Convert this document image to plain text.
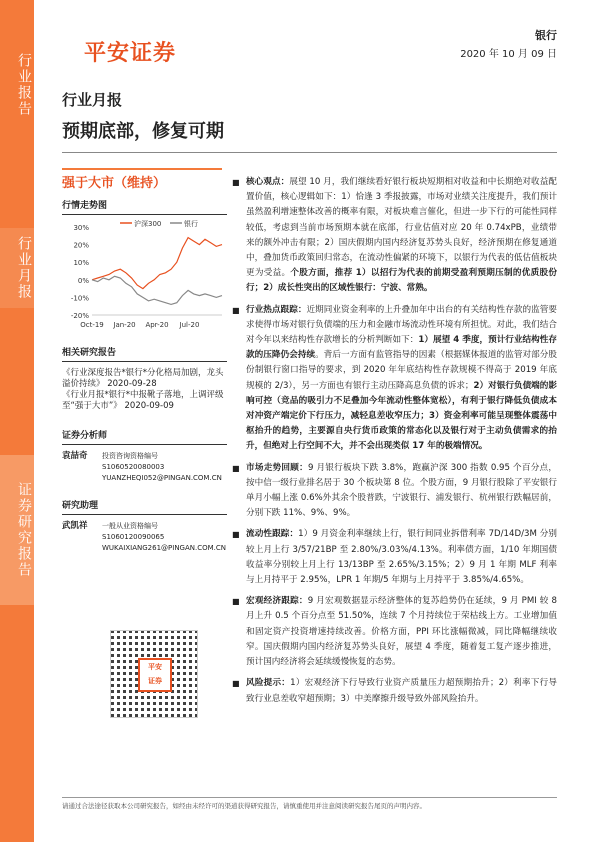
行业报告
行业月报
证券研究报告
平安证券
银行
2020 年 10 月 09 日
行业月报
预期底部，修复可期
强于大市（维持）
行情走势图
30%
20%
10%
0%
-10%
-20%
Oct-19 Jan-20 Apr-20 Jul-20
沪深300	银行
相关研究报告
《行业深度报告*银行*分化格局加剧，龙头溢价持续》 2020-09-28
《行业月报*银行*中报靴子落地，上调评级至“强于大市”》 2020-09-09
证券分析师
袁喆奇 投资咨询资格编号
S1060520080003
YUANZHEQI052@PINGAN.COM.CN
研究助理
武凯祥 一般从业资格编号
S1060120090065
WUKAIXIANG261@PINGAN.COM.CN
平安
证券
■ 核心观点：展望 10 月，我们继续看好银行板块短期相对收益和中长期绝对收益配置价值，核心逻辑如下：1）恰逢 3 季报披露，市场对业绩关注度提升，我们预计虽然盈利增速整体改善的概率有限，对板块难言催化，但进一步下行的可能性同样较低，考虑到当前市场预期本就在底部，行业估值对应 20 年 0.74xPB，业绩带来的额外冲击有限；2）国庆假期内国内经济复苏势头良好，经济预期在修复通道中，叠加货币政策回归常态，在流动性偏紧的环境下，以银行为代表的低估值板块更为受益。个股方面，推荐 1）以招行为代表的前期受盈利预期压制的优质股份行；2）成长性突出的区域性银行：宁波、常熟。
■ 行业热点跟踪：近期同业资金利率的上升叠加年中出台的有关结构性存款的监管要求使得市场对银行负债端的压力和金融市场流动性环境有所担忧。对此，我们结合对今年以来结构性存款增长的分析判断如下：1）展望 4 季度，预计行业结构性存款的压降仍会持续。背后一方面有监管指导的因素（根据媒体报道的监管对部分股份制银行窗口指导的要求，到 2020 年年底结构性存款规模不得高于 2019 年底规模的 2/3），另一方面也有银行主动压降高息负债的诉求；2）对银行负债端的影响可控（竞品的吸引力不足叠加今年流动性整体宽松），有利于银行降低负债成本对冲资产端定价下行压力，减轻息差收窄压力；3）资金利率可能呈现整体震荡中枢抬升的趋势，主要源自央行货币政策的常态化以及银行对于主动负债需求的抬升，但绝对上行空间不大，并不会出现类似 17 年的极端情况。
■ 市场走势回顾：9 月银行板块下跌 3.8%，跑赢沪深 300 指数 0.95 个百分点，按中信一级行业排名居于 30 个板块第 8 位。个股方面，9 月银行股除了平安银行单月小幅上涨 0.6%外其余个股普跌，宁波银行、浦发银行、杭州银行跌幅居前，分别下跌 11%、9%、9%。
■ 流动性跟踪：1）9 月资金利率继续上行，银行间同业拆借利率 7D/14D/3M 分别较上月上行 3/57/21BP 至 2.80%/3.03%/4.13%。利率债方面，1/10 年期国债收益率分别较上月上行 13/13BP 至 2.65%/3.15%；2）9 月 1 年期 MLF 利率与上月持平于 2.95%，LPR 1 年期/5 年期与上月持平于 3.85%/4.65%。
■ 宏观经济跟踪：9 月宏观数据显示经济整体的复苏趋势仍在延续，9 月 PMI 较 8 月上升 0.5 个百分点至 51.50%，连续 7 个月持续位于荣枯线上方。工业增加值和固定资产投资增速持续改善。价格方面，PPI 环比涨幅微减，同比降幅继续收窄。国庆假期内国内经济复苏势头良好，展望 4 季度，随着复工复产逐步推进，预计国内经济将会延续缓慢恢复的态势。
■ 风险提示：1）宏观经济下行导致行业资产质量压力超预期抬升；2）利率下行导致行业息差收窄超预期；3）中美摩擦升级导致外部风险抬升。
请通过合法途径获取本公司研究报告，如经由未经许可的渠道获得研究报告，请慎重使用并注意阅读研究报告尾页的声明内容。
